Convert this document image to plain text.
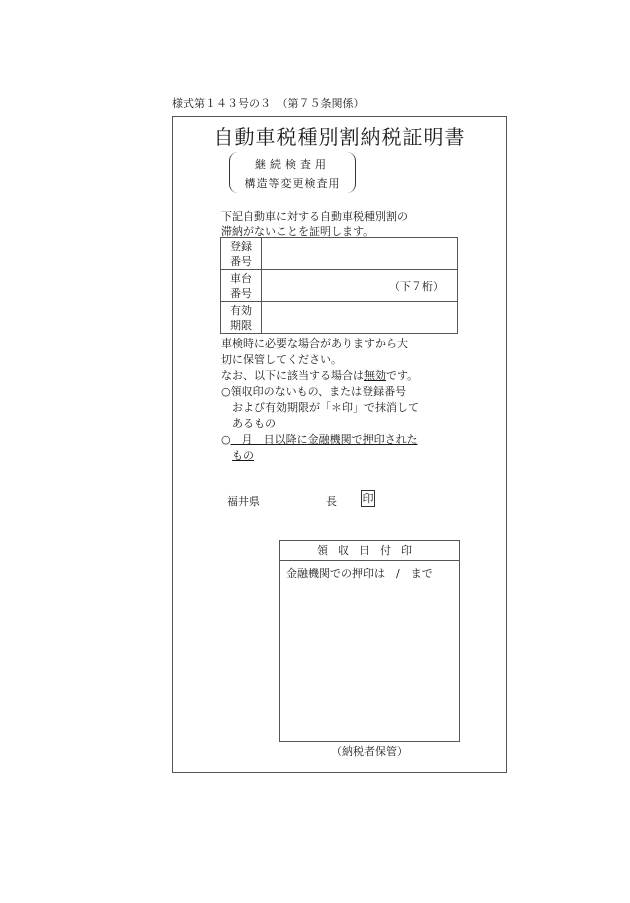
様式第１４３号の３　（第７５条関係）
自動車税種別割納税証明書
継続検査用
構造等変更検査用
下記自動車に対する自動車税種別割の
滞納がないことを証明します。
登録
番号	

車台
番号	（下７桁）

有効
期限	

車検時に必要な場合がありますから大
切に保管してください。
なお、以下に該当する場合は無効です。
○領収印のないもの、または登録番号
および有効期限が「＊印」で抹消して
あるもの
○　月　日以降に金融機関で押印された
もの
福井県	長 印
領収日付印
金融機関での押印は　/　まで
（納税者保管）
